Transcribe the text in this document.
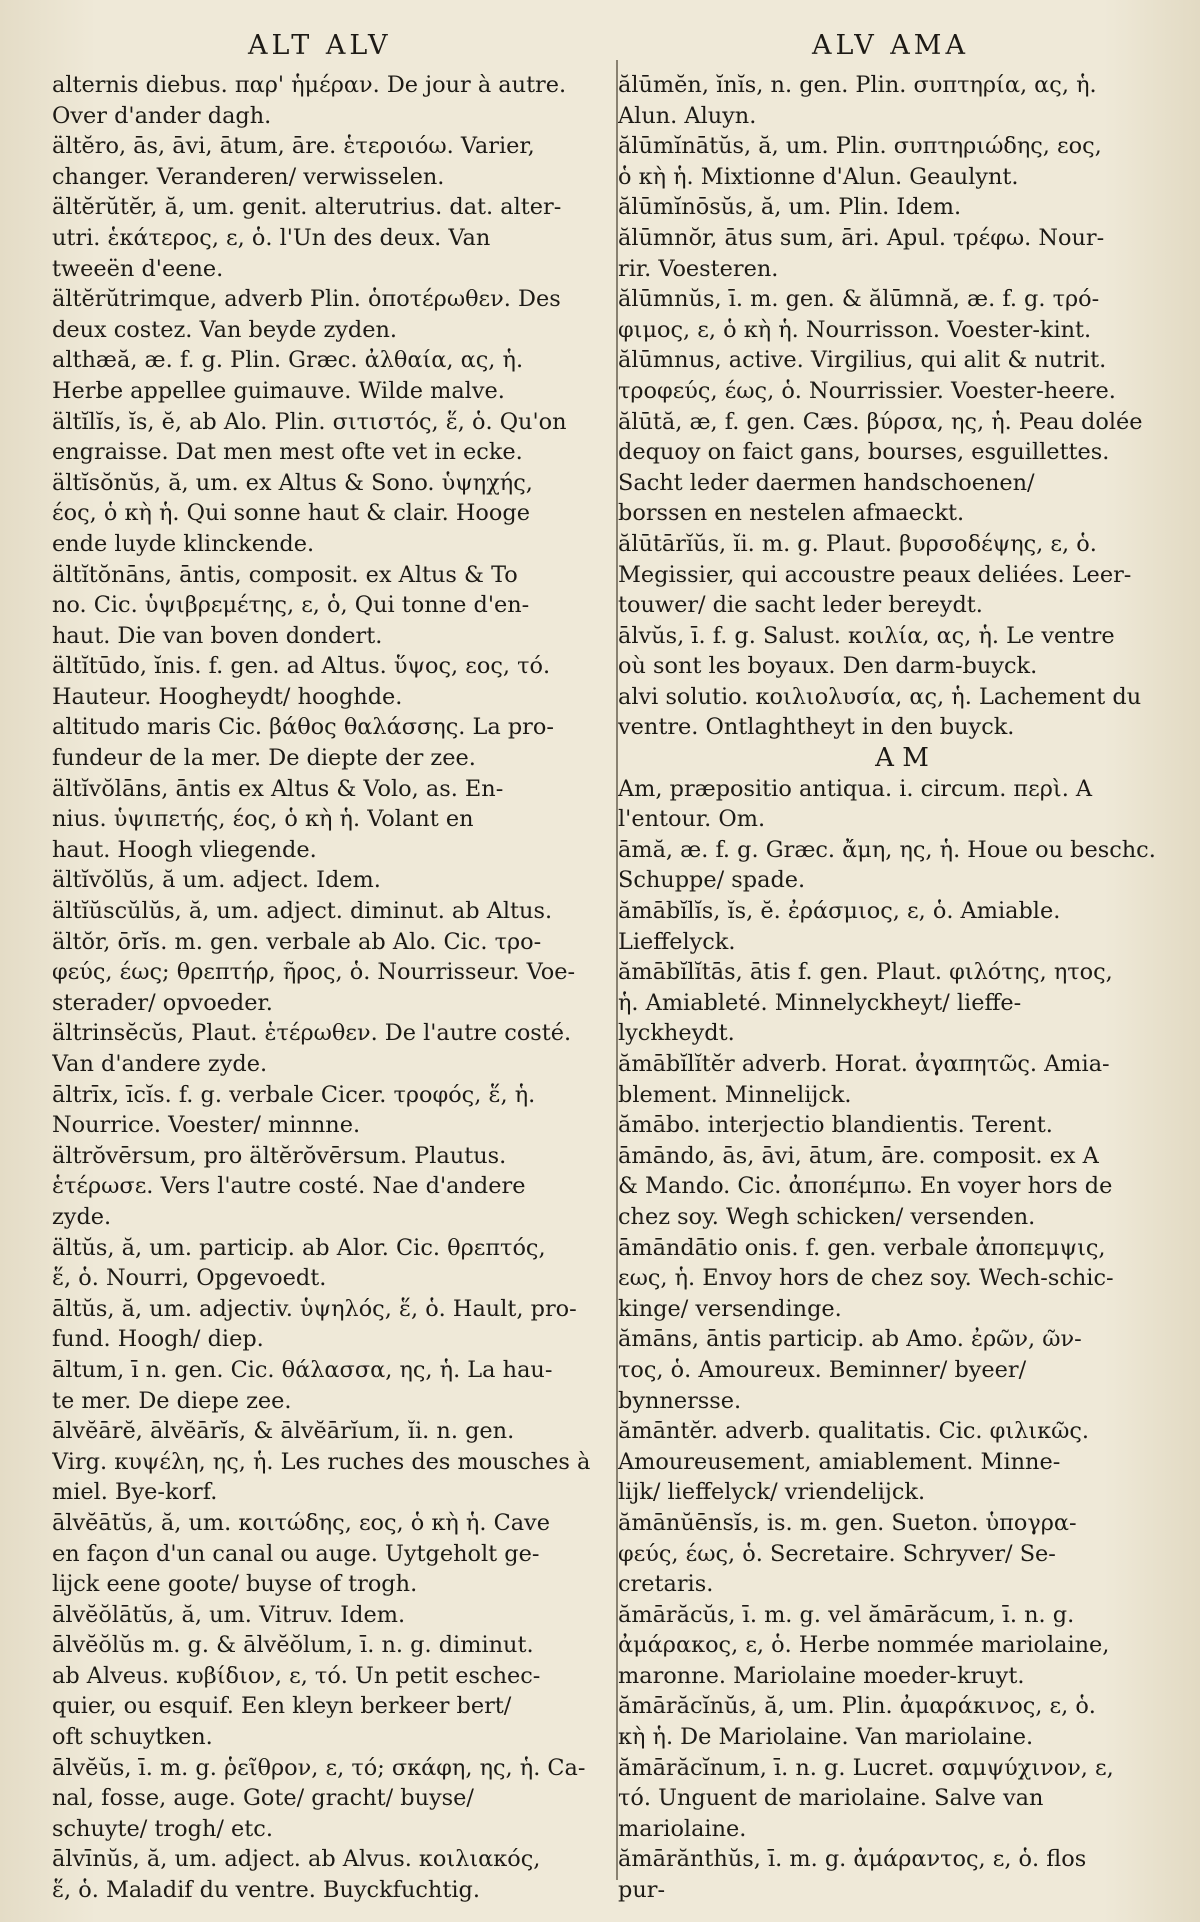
ALT ALV	ALV AMA
alternis diebus. παρ' ἡμέραν. De jour à autre.
Over d'ander dagh.
ältĕro, ās, āvi, ātum, āre. ἑτεροιόω. Varier,
changer. Veranderen/ verwisselen.
ältĕrŭtĕr, ă, um. genit. alterutrius. dat. alter-
utri. ἑκάτερος, ε, ὁ. l'Un des deux. Van
tweeën d'eene.
ältĕrŭtrimque, adverb Plin. ὁποτέρωθεν. Des
deux costez. Van beyde zyden.
althæă, æ. f. g. Plin. Græc. ἀλθαία, ας, ἡ.
Herbe appellee guimauve. Wilde malve.
ältĭlĭs, ĭs, ĕ, ab Alo. Plin. σιτιστός, ἕ, ὁ. Qu'on
engraisse. Dat men mest ofte vet in ecke.
ältĭsŏnŭs, ă, um. ex Altus & Sono. ὑψηχής,
έος, ὁ κὴ ἡ. Qui sonne haut & clair. Hooge
ende luyde klinckende.
ältĭtŏnāns, āntis, composit. ex Altus & To
no. Cic. ὑψιβρεμέτης, ε, ὁ, Qui tonne d'en-
haut. Die van boven dondert.
ältĭtūdo, ĭnis. f. gen. ad Altus. ὕψος, εος, τό.
Hauteur. Hoogheydt/ hooghde.
altitudo maris Cic. βάθος θαλάσσης. La pro-
fundeur de la mer. De diepte der zee.
ältĭvŏlāns, āntis ex Altus & Volo, as. En-
nius. ὑψιπετής, έος, ὁ κὴ ἡ. Volant en
haut. Hoogh vliegende.
ältĭvŏlŭs, ă um. adject. Idem.
ältĭŭscŭlŭs, ă, um. adject. diminut. ab Altus.
ältŏr, ōrĭs. m. gen. verbale ab Alo. Cic. τρο-
φεύς, έως; θρεπτήρ, ῆρος, ὁ. Nourrisseur. Voe-
sterader/ opvoeder.
ältrinsĕcŭs, Plaut. ἑτέρωθεν. De l'autre costé.
Van d'andere zyde.
āltrīx, īcĭs. f. g. verbale Cicer. τροφός, ἕ, ἡ.
Nourrice. Voester/ minnne.
ältrŏvērsum, pro ältĕrŏvērsum. Plautus.
ἑτέρωσε. Vers l'autre costé. Nae d'andere
zyde.
ältŭs, ă, um. particip. ab Alor. Cic. θρεπτός,
ἕ, ὁ. Nourri, Opgevoedt.
āltŭs, ă, um. adjectiv. ὑψηλός, ἕ, ὁ. Hault, pro-
fund. Hoogh/ diep.
āltum, ī n. gen. Cic. θάλασσα, ης, ἡ. La hau-
te mer. De diepe zee.
ālvĕārĕ, ālvĕārĭs, & ālvĕārĭum, ĭi. n. gen.
Virg. κυψέλη, ης, ἡ. Les ruches des mousches à
miel. Bye-korf.
ālvĕātŭs, ă, um. κοιτώδης, εος, ὁ κὴ ἡ. Cave
en façon d'un canal ou auge. Uytgeholt ge-
lijck eene goote/ buyse of trogh.
ālvĕŏlātŭs, ă, um. Vitruv. Idem.
ālvĕŏlŭs m. g. & ālvĕŏlum, ī. n. g. diminut.
ab Alveus. κυβίδιον, ε, τό. Un petit eschec-
quier, ou esquif. Een kleyn berkeer bert/
oft schuytken.
ālvĕŭs, ī. m. g. ῥεῖθρον, ε, τό; σκάφη, ης, ἡ. Ca-
nal, fosse, auge. Gote/ gracht/ buyse/
schuyte/ trogh/ etc.
ālvīnŭs, ă, um. adject. ab Alvus. κοιλιακός,
ἕ, ὁ. Maladif du ventre. Buyckfuchtig.
ălūmĕn, ĭnĭs, n. gen. Plin. συπτηρία, ας, ἡ.
Alun. Aluyn.
ălūmĭnātŭs, ă, um. Plin. συπτηριώδης, εος,
ὁ κὴ ἡ. Mixtionne d'Alun. Geaulynt.
ălūmĭnōsŭs, ă, um. Plin. Idem.
ălūmnŏr, ātus sum, āri. Apul. τρέφω. Nour-
rir. Voesteren.
ălūmnŭs, ī. m. gen. & ălūmnă, æ. f. g. τρό-
φιμος, ε, ὁ κὴ ἡ. Nourrisson. Voester-kint.
ălūmnus, active. Virgilius, qui alit & nutrit.
τροφεύς, έως, ὁ. Nourrissier. Voester-heere.
ălūtă, æ, f. gen. Cæs. βύρσα, ης, ἡ. Peau dolée
dequoy on faict gans, bourses, esguillettes.
Sacht leder daermen handschoenen/
borssen en nestelen afmaeckt.
ălūtārĭŭs, ĭi. m. g. Plaut. βυρσοδέψης, ε, ὁ.
Megissier, qui accoustre peaux deliées. Leer-
touwer/ die sacht leder bereydt.
ālvŭs, ī. f. g. Salust. κοιλία, ας, ἡ. Le ventre
où sont les boyaux. Den darm-buyck.
alvi solutio. κοιλιολυσία, ας, ἡ. Lachement du
ventre. Ontlaghtheyt in den buyck.
A M
Am, præpositio antiqua. i. circum. περὶ. A
l'entour. Om.
āmă, æ. f. g. Græc. ἄμη, ης, ἡ. Houe ou beschc.
Schuppe/ spade.
ămābĭlĭs, ĭs, ĕ. ἐράσμιος, ε, ὁ. Amiable.
Lieffelyck.
ămābĭlĭtās, ātis f. gen. Plaut. φιλότης, ητος,
ἡ. Amiableté. Minnelyckheyt/ lieffe-
lyckheydt.
ămābĭlĭtĕr adverb. Horat. ἀγαπητῶς. Amia-
blement. Minnelijck.
ămābo. interjectio blandientis. Terent.
āmāndo, ās, āvi, ātum, āre. composit. ex A
& Mando. Cic. ἀποπέμπω. En voyer hors de
chez soy. Wegh schicken/ versenden.
āmāndātio onis. f. gen. verbale ἀποπεμψις,
εως, ἡ. Envoy hors de chez soy. Wech-schic-
kinge/ versendinge.
ămāns, āntis particip. ab Amo. ἐρῶν, ῶν-
τος, ὁ. Amoureux. Beminner/ byeer/
bynnersse.
ămāntĕr. adverb. qualitatis. Cic. φιλικῶς.
Amoureusement, amiablement. Minne-
lijk/ lieffelyck/ vriendelijck.
ămānŭēnsĭs, is. m. gen. Sueton. ὑπογρα-
φεύς, έως, ὁ. Secretaire. Schryver/ Se-
cretaris.
ămārăcŭs, ī. m. g. vel ămārăcum, ī. n. g.
ἀμάρακος, ε, ὁ. Herbe nommée mariolaine,
maronne. Mariolaine moeder-kruyt.
ămārăcĭnŭs, ă, um. Plin. ἀμαράκινος, ε, ὁ.
κὴ ἡ. De Mariolaine. Van mariolaine.
ămārăcĭnum, ī. n. g. Lucret. σαμψύχινον, ε,
τό. Unguent de mariolaine. Salve van
mariolaine.
ămārănthŭs, ī. m. g. ἀμάραντος, ε, ὁ. flos
pur-
